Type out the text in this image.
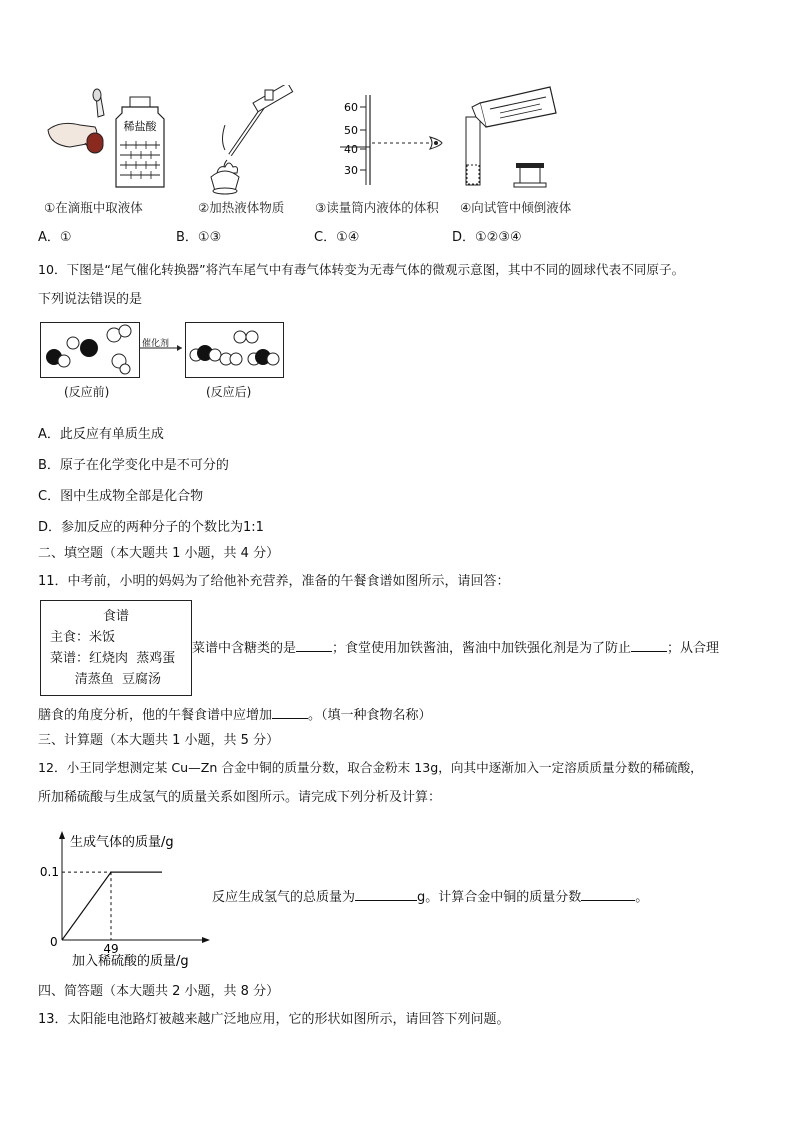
稀盐酸
60
50
40
30
①在滴瓶中取液体	②加热液体物质 ③读量筒内液体的体积 ④向试管中倾倒液体
A．①	B．①③	C．①④	D．①②③④
10．下图是“尾气催化转换器”将汽车尾气中有毒气体转变为无毒气体的微观示意图，其中不同的圆球代表不同原子。
下列说法错误的是
催化剂
(反应前)	(反应后)
A．此反应有单质生成
B．原子在化学变化中是不可分的
C．图中生成物全部是化合物
D．参加反应的两种分子的个数比为1:1
二、填空题（本大题共 1 小题，共 4 分）
11．中考前，小明的妈妈为了给他补充营养，准备的午餐食谱如图所示，请回答：
食谱
主食：米饭
菜谱：红烧肉  蒸鸡蛋
清蒸鱼  豆腐汤
菜谱中含糖类的是	；食堂使用加铁酱油，酱油中加铁强化剂是为了防止	；从合理
膳食的角度分析，他的午餐食谱中应增加	。（填一种食物名称）
三、计算题（本大题共 1 小题，共 5 分）
12．小王同学想测定某 Cu—Zn 合金中铜的质量分数，取合金粉末 13g，向其中逐渐加入一定溶质质量分数的稀硫酸，
所加稀硫酸与生成氢气的质量关系如图所示。请完成下列分析及计算：
0.1
49
生成气体的质量/g
加入稀硫酸的质量/g
0
反应生成氢气的总质量为	g。计算合金中铜的质量分数	。
四、简答题（本大题共 2 小题，共 8 分）
13．太阳能电池路灯被越来越广泛地应用，它的形状如图所示，请回答下列问题。
